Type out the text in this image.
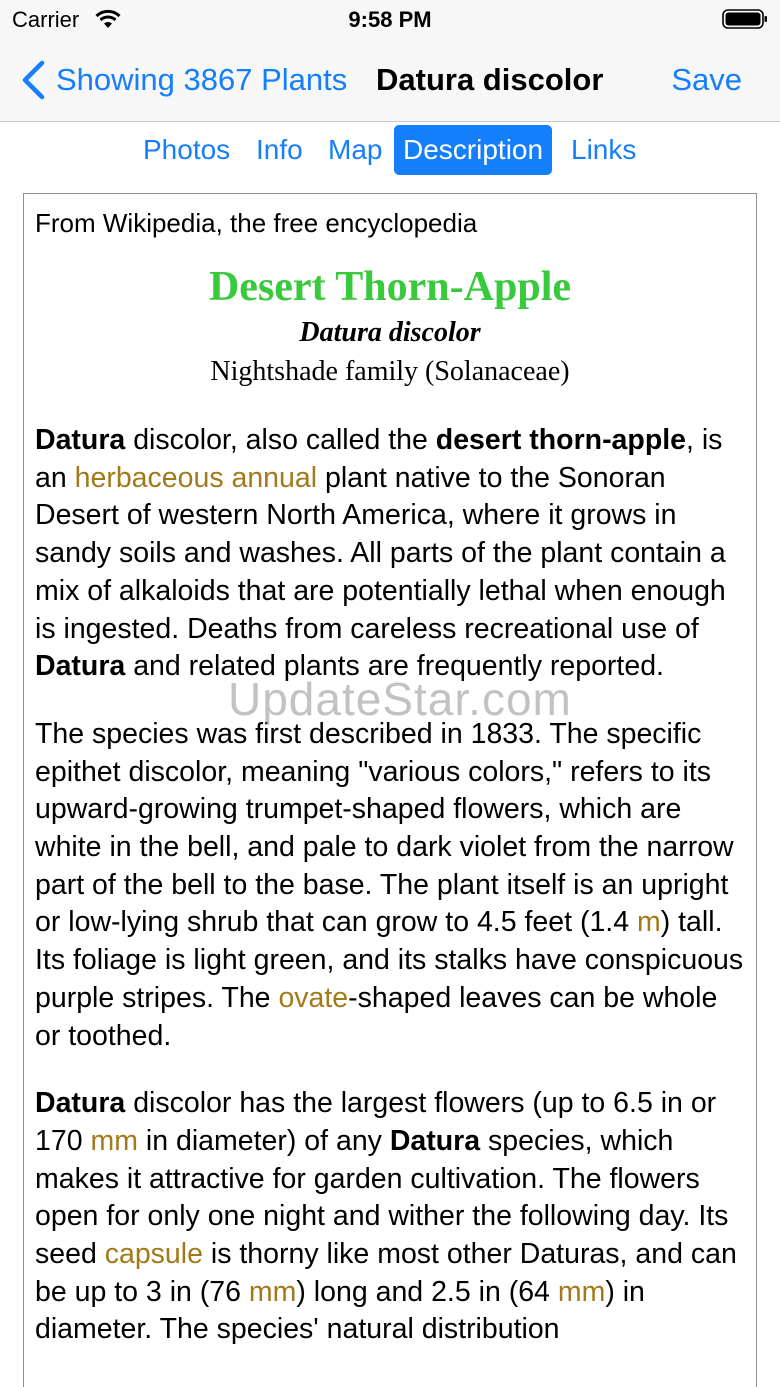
Carrier	9:58 PM
Showing 3867 Plants Datura discolor Save
Photos Info Map Description Links
From Wikipedia, the free encyclopedia
Desert Thorn-Apple
Datura discolor
Nightshade family (Solanaceae)

Datura discolor, also called the desert thorn-apple, is an herbaceous annual plant native to the Sonoran Desert of western North America, where it grows in sandy soils and washes. All parts of the plant contain a mix of alkaloids that are potentially lethal when enough is ingested. Deaths from careless recreational use of Datura and related plants are frequently reported.

The species was first described in 1833. The specific epithet discolor, meaning "various colors," refers to its upward-growing trumpet-shaped flowers, which are white in the bell, and pale to dark violet from the narrow part of the bell to the base. The plant itself is an upright or low-lying shrub that can grow to 4.5 feet (1.4 m) tall. Its foliage is light green, and its stalks have conspicuous purple stripes. The ovate-shaped leaves can be whole or toothed.

Datura discolor has the largest flowers (up to 6.5 in or 170 mm in diameter) of any Datura species, which makes it attractive for garden cultivation. The flowers open for only one night and wither the following day. Its seed capsule is thorny like most other Daturas, and can be up to 3 in (76 mm) long and 2.5 in (64 mm) in diameter. The species' natural distribution

UpdateStar.com
